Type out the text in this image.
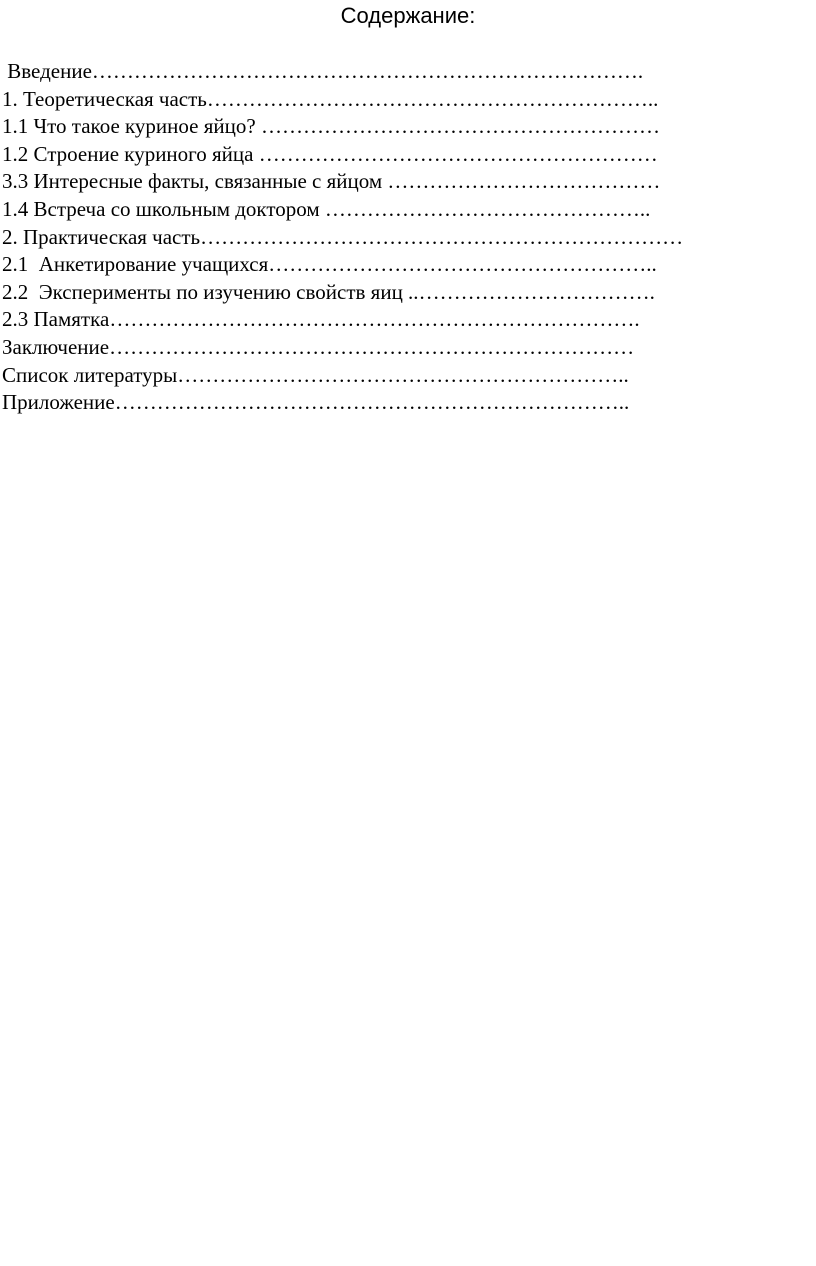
Содержание:
Введение…………………………………………………………………….
1. Теоретическая часть………………………………………………………..
1.1 Что такое куриное яйцо? …………………………………………………
1.2 Строение куриного яйца …………………………………………………
3.3 Интересные факты, связанные с яйцом …………………………………
1.4 Встреча со школьным доктором ………………………………………..
2. Практическая часть……………………………………………………………
2.1  Анкетирование учащихся………………………………………………..
2.2  Эксперименты по изучению свойств яиц ..…………………………….
2.3 Памятка………………………………………………………………….
Заключение…………………………………………………………………
Список литературы………………………………………………………..
Приложение………………………………………………………………..
